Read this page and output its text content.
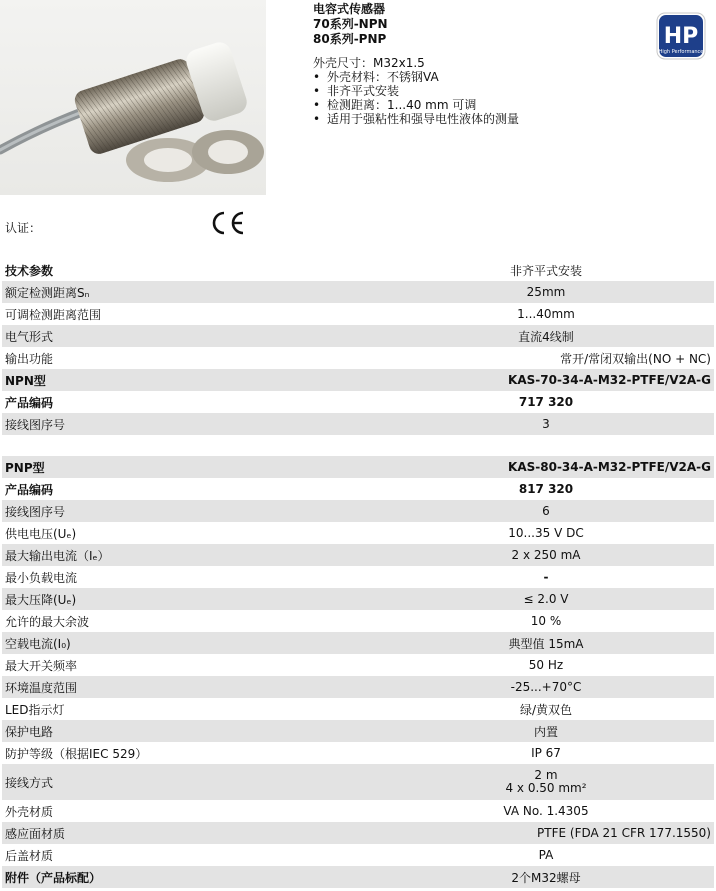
电容式传感器
70系列-NPN
80系列-PNP
外壳尺寸：M32x1.5
• 外壳材料：不锈钢VA
• 非齐平式安装
• 检测距离：1...40 mm 可调
• 适用于强粘性和强导电性液体的测量
HP
High Performance
认证：
技术参数	非齐平式安装
额定检测距离Sₙ	25mm
可调检测距离范围	1...40mm
电气形式	直流4线制
输出功能	常开/常闭双输出(NO + NC)
NPN型	KAS-70-34-A-M32-PTFE/V2A-G
产品编码	717 320
接线图序号	3

PNP型	KAS-80-34-A-M32-PTFE/V2A-G
产品编码	817 320
接线图序号	6
供电电压(Uₑ)	10...35 V DC
最大输出电流（Iₑ）	2 x 250 mA
最小负载电流	-
最大压降(Uₑ)	≤ 2.0 V
允许的最大余波	10 %
空载电流(I₀)	典型值 15mA
最大开关频率	50 Hz
环境温度范围	-25...+70°C
LED指示灯	绿/黄双色
保护电路	内置
防护等级（根据IEC 529）	IP 67
接线方式	2 m
4 x 0.50 mm²

外壳材质	VA No. 1.4305
感应面材质	PTFE (FDA 21 CFR 177.1550)
后盖材质	PA
附件（产品标配）	2个M32螺母
